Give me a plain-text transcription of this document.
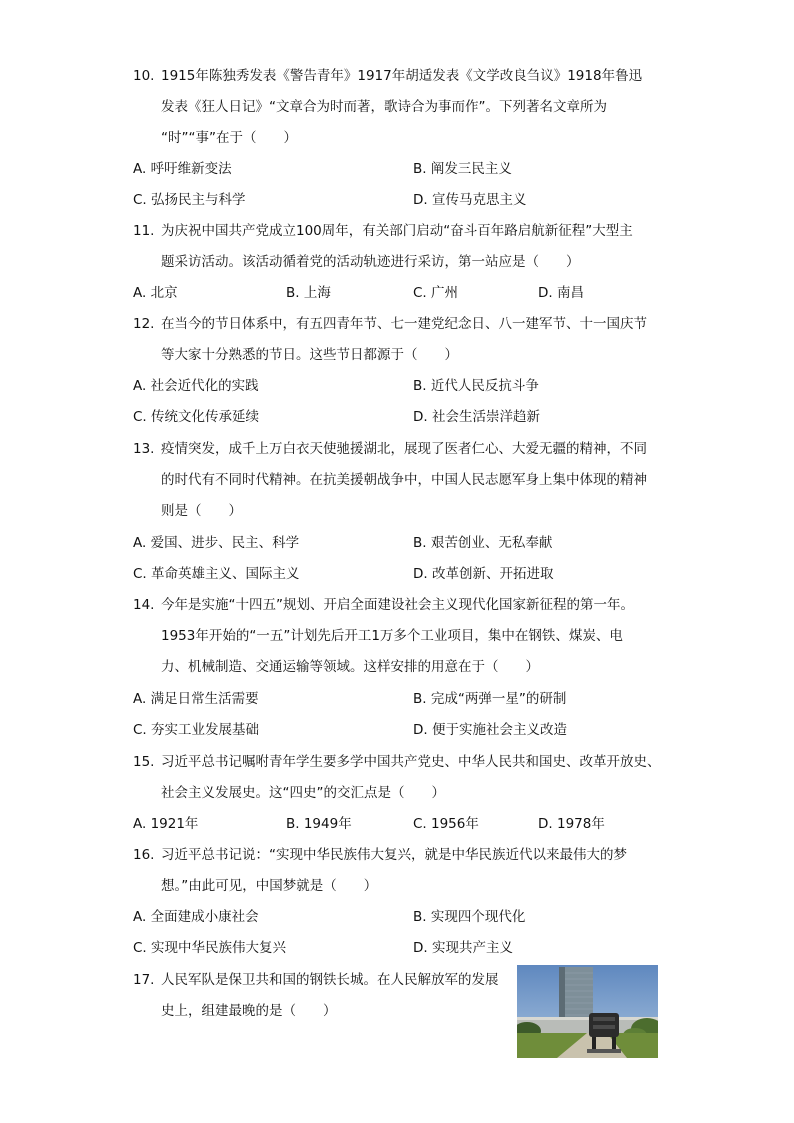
10. 1915年陈独秀发表《警告青年》1917年胡适发表《文学改良刍议》1918年鲁迅
发表《狂人日记》“文章合为时而著，歌诗合为事而作”。下列著名文章所为
“时”“事”在于（　　）
A. 呼吁维新变法	B. 阐发三民主义
C. 弘扬民主与科学	D. 宣传马克思主义
11. 为庆祝中国共产党成立100周年，有关部门启动“奋斗百年路启航新征程”大型主
题采访活动。该活动循着党的活动轨迹进行采访，第一站应是（　　）
A. 北京	B. 上海	C. 广州	D. 南昌
12. 在当今的节日体系中，有五四青年节、七一建党纪念日、八一建军节、十一国庆节
等大家十分熟悉的节日。这些节日都源于（　　）
A. 社会近代化的实践	B. 近代人民反抗斗争
C. 传统文化传承延续	D. 社会生活崇洋趋新
13. 疫情突发，成千上万白衣天使驰援湖北，展现了医者仁心、大爱无疆的精神，不同
的时代有不同时代精神。在抗美援朝战争中，中国人民志愿军身上集中体现的精神
则是（　　）
A. 爱国、进步、民主、科学	B. 艰苦创业、无私奉献
C. 革命英雄主义、国际主义	D. 改革创新、开拓进取
14. 今年是实施“十四五”规划、开启全面建设社会主义现代化国家新征程的第一年。
1953年开始的“一五”计划先后开工1万多个工业项目，集中在钢铁、煤炭、电
力、机械制造、交通运输等领域。这样安排的用意在于（　　）
A. 满足日常生活需要	B. 完成“两弹一星”的研制
C. 夯实工业发展基础	D. 便于实施社会主义改造
15. 习近平总书记嘱咐青年学生要多学中国共产党史、中华人民共和国史、改革开放史、
社会主义发展史。这“四史”的交汇点是（　　）
A. 1921年	B. 1949年	C. 1956年	D. 1978年
16. 习近平总书记说：“实现中华民族伟大复兴，就是中华民族近代以来最伟大的梦
想。”由此可见，中国梦就是（　　）
A. 全面建成小康社会	B. 实现四个现代化
C. 实现中华民族伟大复兴	D. 实现共产主义
17. 人民军队是保卫共和国的钢铁长城。在人民解放军的发展
史上，组建最晚的是（　　）
